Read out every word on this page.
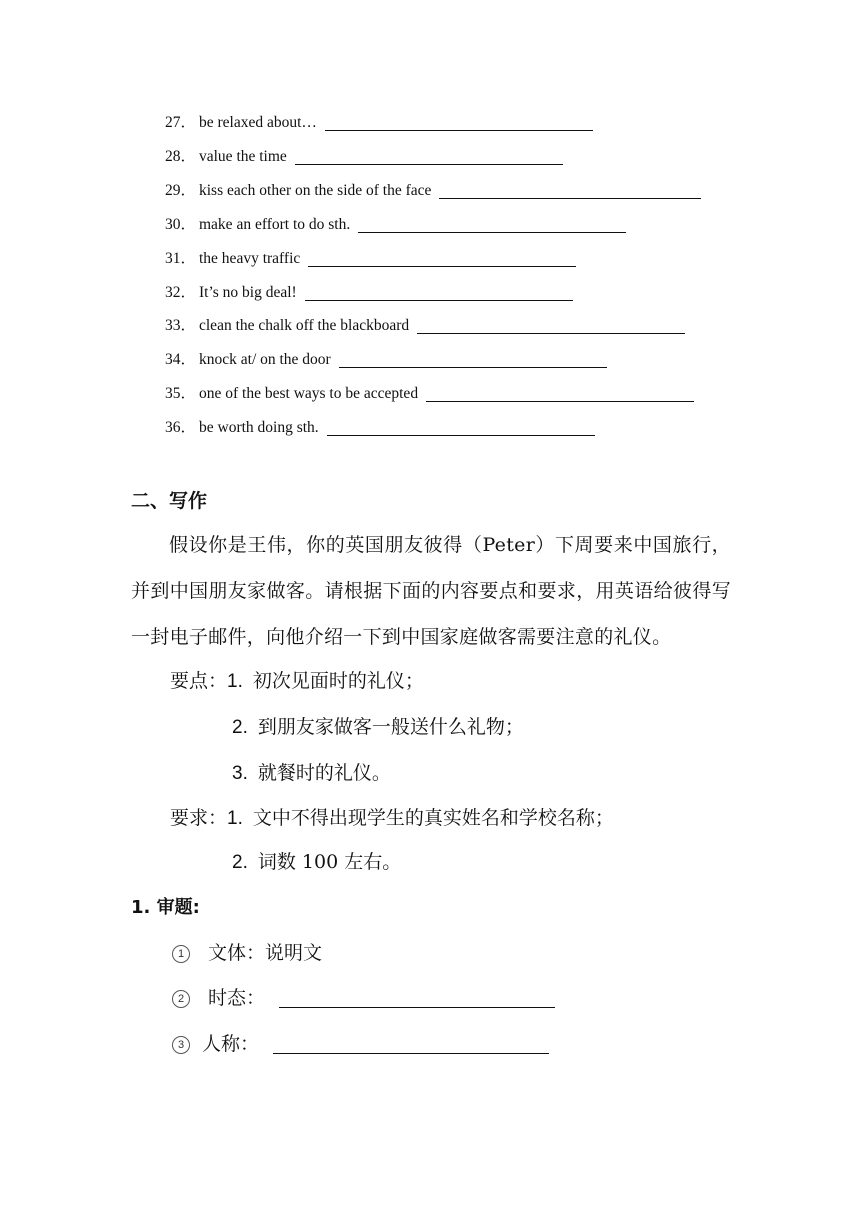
27． be relaxed about…
28． value the time
29． kiss each other on the side of the face
30． make an effort to do sth.
31． the heavy traffic
32． It’s no big deal!
33． clean the chalk off the blackboard
34． knock at/ on the door
35． one of the best ways to be accepted
36． be worth doing sth.
二、写作
假设你是王伟，你的英国朋友彼得（Peter）下周要来中国旅行，并到中国朋友家做客。请根据下面的内容要点和要求，用英语给彼得写一封电子邮件，向他介绍一下到中国家庭做客需要注意的礼仪。
要点：1. 初次见面时的礼仪；
2. 到朋友家做客一般送什么礼物；
3. 就餐时的礼仪。
要求：1. 文中不得出现学生的真实姓名和学校名称；
2. 词数 100 左右。
1. 审题:
1 文体：说明文
2 时态：
3 人称：
